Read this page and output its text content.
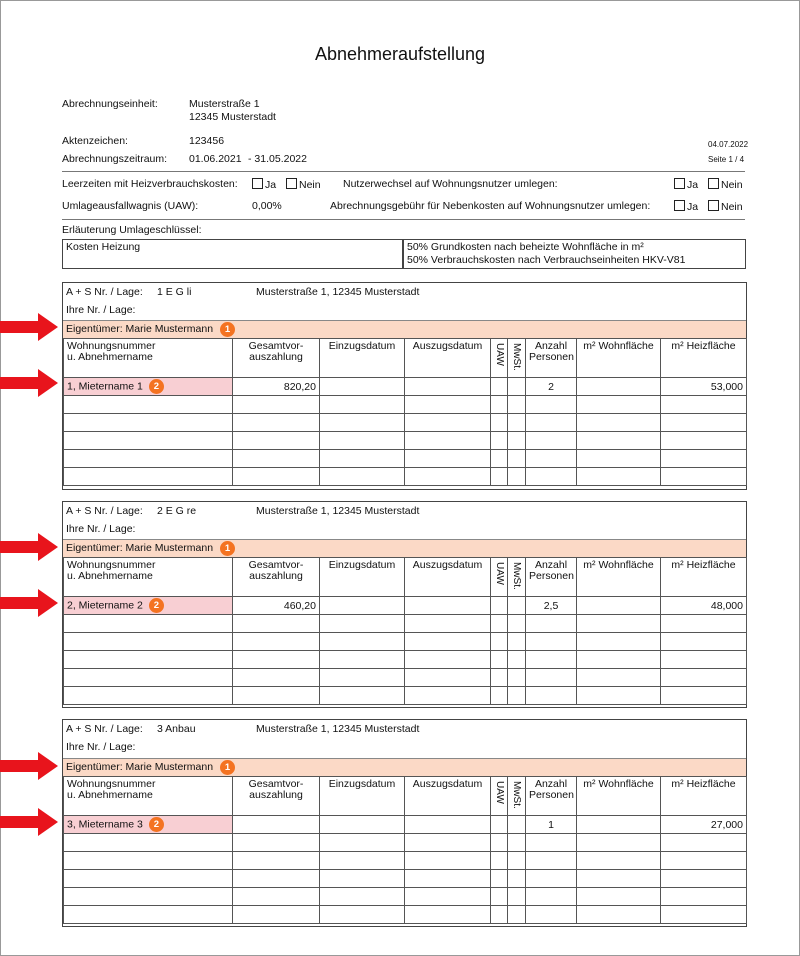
Abnehmeraufstellung
Abrechnungseinheit:	Musterstraße 1
12345 Musterstadt
Aktenzeichen:	123456
Abrechnungszeitraum: 01.06.2021 - 31.05.2022
04.07.2022
Seite 1 / 4
Leerzeiten mit Heizverbrauchskosten:	Ja	Nein Nutzerwechsel auf Wohnungsnutzer umlegen:	Ja	Nein
Umlageausfallwagnis (UAW):	0,00%	Abrechnungsgebühr für Nebenkosten auf Wohnungsnutzer umlegen:	Ja	Nein
Erläuterung Umlageschlüssel:
Kosten Heizung	50% Grundkosten nach beheizte Wohnfläche in m²
50% Verbrauchskosten nach Verbrauchseinheiten HKV-V81
A + S Nr. / Lage: 1 E G li	Musterstraße 1, 12345 Musterstadt
Ihre Nr. / Lage:
Eigentümer: Marie Mustermann	1
Wohnungsnummer
u. Abnehmername	Gesamtvor-
auszahlung	Einzugsdatum	Auszugsdatum	UAW	MwSt.	Anzahl
Personen	m² Wohnfläche	m² Heizfläche
1, Mietername 1 2	820,20					2		53,000

A + S Nr. / Lage: 2 E G re	Musterstraße 1, 12345 Musterstadt
Ihre Nr. / Lage:
Eigentümer: Marie Mustermann	1
Wohnungsnummer
u. Abnehmername	Gesamtvor-
auszahlung	Einzugsdatum	Auszugsdatum	UAW	MwSt.	Anzahl
Personen	m² Wohnfläche	m² Heizfläche
2, Mietername 2 2	460,20					2,5		48,000

A + S Nr. / Lage: 3 Anbau	Musterstraße 1, 12345 Musterstadt
Ihre Nr. / Lage:
Eigentümer: Marie Mustermann	1
Wohnungsnummer
u. Abnehmername	Gesamtvor-
auszahlung	Einzugsdatum	Auszugsdatum	UAW	MwSt.	Anzahl
Personen	m² Wohnfläche	m² Heizfläche
3, Mietername 3 2						1		27,000
